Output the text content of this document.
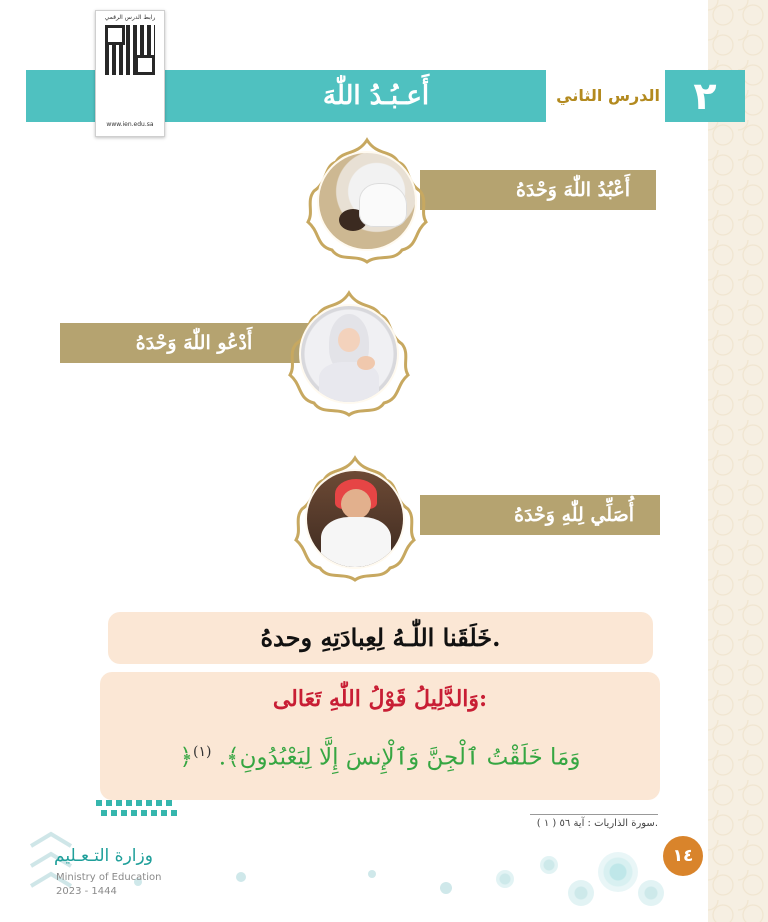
أَعـبُـدُ اللّٰهَ	الدرس الثاني ٢
رابط الدرس الرقمي
www.ien.edu.sa
أَعْبُدُ اللّٰهَ وَحْدَهُ
أَدْعُو اللّٰهَ وَحْدَهُ
أُصَلِّي لِلّٰهِ وَحْدَهُ
خَلَقَنا اللّٰـهُ لِعِبادَتِهِ وحدهُ.
وَالدَّلِيلُ قَوْلُ اللّٰهِ تَعَالى:
﴿وَمَا خَلَقْتُ ٱلْجِنَّ وَٱلْإِنسَ إِلَّا لِيَعْبُدُونِ﴾. $^{(١)}$
( ١ ) سورة الذاريات : آية ٥٦.
١٤
وزارة التـعـليم
Ministry of Education
2023 - 1444
